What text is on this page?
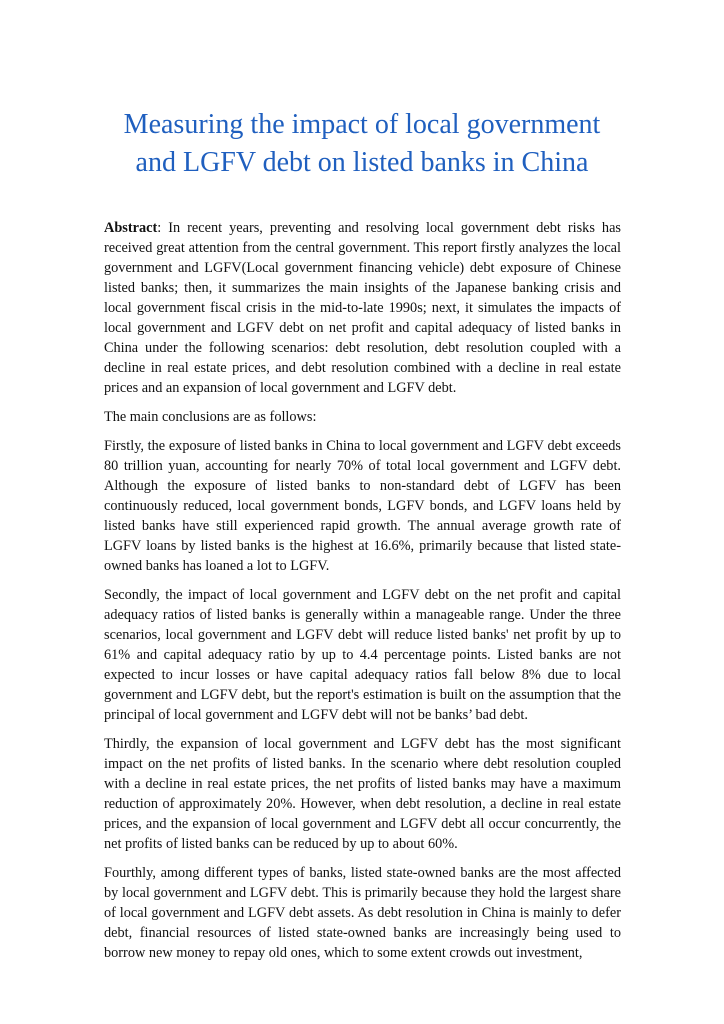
Measuring the impact of local government
and LGFV debt on listed banks in China

Abstract: In recent years, preventing and resolving local government debt risks has received great attention from the central government. This report firstly analyzes the local government and LGFV(Local government financing vehicle) debt exposure of Chinese listed banks; then, it summarizes the main insights of the Japanese banking crisis and local government fiscal crisis in the mid-to-late 1990s; next, it simulates the impacts of local government and LGFV debt on net profit and capital adequacy of listed banks in China under the following scenarios: debt resolution, debt resolution coupled with a decline in real estate prices, and debt resolution combined with a decline in real estate prices and an expansion of local government and LGFV debt.

The main conclusions are as follows:

Firstly, the exposure of listed banks in China to local government and LGFV debt exceeds 80 trillion yuan, accounting for nearly 70% of total local government and LGFV debt. Although the exposure of listed banks to non-standard debt of LGFV has been continuously reduced, local government bonds, LGFV bonds, and LGFV loans held by listed banks have still experienced rapid growth. The annual average growth rate of LGFV loans by listed banks is the highest at 16.6%, primarily because that listed state-owned banks has loaned a lot to LGFV.

Secondly, the impact of local government and LGFV debt on the net profit and capital adequacy ratios of listed banks is generally within a manageable range. Under the three scenarios, local government and LGFV debt will reduce listed banks' net profit by up to 61% and capital adequacy ratio by up to 4.4 percentage points. Listed banks are not expected to incur losses or have capital adequacy ratios fall below 8% due to local government and LGFV debt, but the report's estimation is built on the assumption that the principal of local government and LGFV debt will not be banks’ bad debt.

Thirdly, the expansion of local government and LGFV debt has the most significant impact on the net profits of listed banks. In the scenario where debt resolution coupled with a decline in real estate prices, the net profits of listed banks may have a maximum reduction of approximately 20%. However, when debt resolution, a decline in real estate prices, and the expansion of local government and LGFV debt all occur concurrently, the net profits of listed banks can be reduced by up to about 60%.

Fourthly, among different types of banks, listed state-owned banks are the most affected by local government and LGFV debt. This is primarily because they hold the largest share of local government and LGFV debt assets. As debt resolution in China is mainly to defer debt, financial resources of listed state-owned banks are increasingly being used to borrow new money to repay old ones, which to some extent crowds out investment,
